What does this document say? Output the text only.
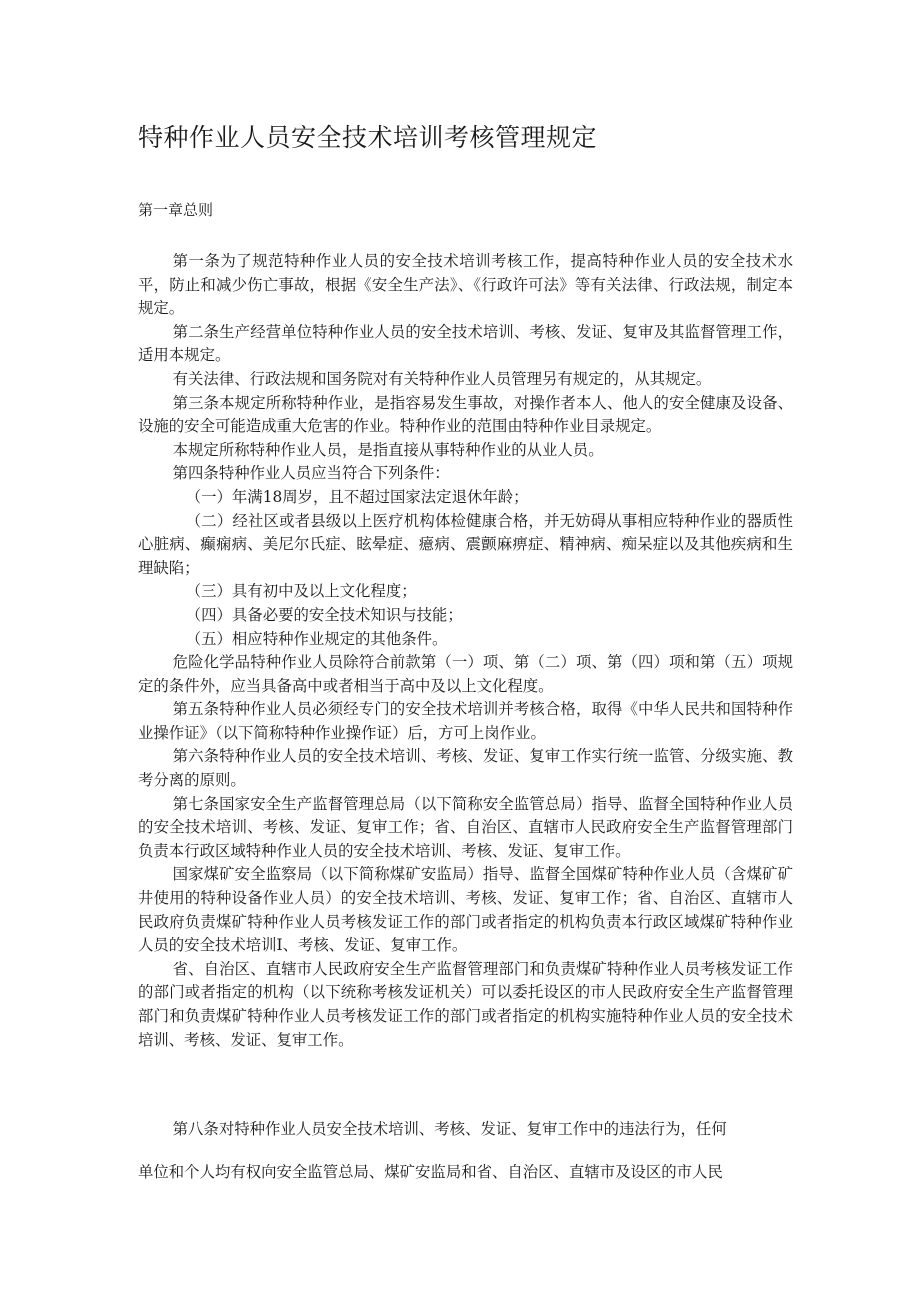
特种作业人员安全技术培训考核管理规定
第一章总则

第一条为了规范特种作业人员的安全技术培训考核工作，提高特种作业人员的安全技术水平，防止和减少伤亡事故，根据《安全生产法》、《行政许可法》等有关法律、行政法规，制定本规定。

第二条生产经营单位特种作业人员的安全技术培训、考核、发证、复审及其监督管理工作，适用本规定。

有关法律、行政法规和国务院对有关特种作业人员管理另有规定的，从其规定。

第三条本规定所称特种作业，是指容易发生事故，对操作者本人、他人的安全健康及设备、设施的安全可能造成重大危害的作业。特种作业的范围由特种作业目录规定。

本规定所称特种作业人员，是指直接从事特种作业的从业人员。

第四条特种作业人员应当符合下列条件：

（一）年满18周岁，且不超过国家法定退休年龄；

（二）经社区或者县级以上医疗机构体检健康合格，并无妨碍从事相应特种作业的器质性心脏病、癫痫病、美尼尔氏症、眩晕症、癔病、震颤麻痹症、精神病、痴呆症以及其他疾病和生理缺陷；

（三）具有初中及以上文化程度；

（四）具备必要的安全技术知识与技能；

（五）相应特种作业规定的其他条件。

危险化学品特种作业人员除符合前款第（一）项、第（二）项、第（四）项和第（五）项规定的条件外，应当具备高中或者相当于高中及以上文化程度。

第五条特种作业人员必须经专门的安全技术培训并考核合格，取得《中华人民共和国特种作业操作证》（以下简称特种作业操作证）后，方可上岗作业。

第六条特种作业人员的安全技术培训、考核、发证、复审工作实行统一监管、分级实施、教考分离的原则。

第七条国家安全生产监督管理总局（以下简称安全监管总局）指导、监督全国特种作业人员的安全技术培训、考核、发证、复审工作；省、自治区、直辖市人民政府安全生产监督管理部门负责本行政区域特种作业人员的安全技术培训、考核、发证、复审工作。

国家煤矿安全监察局（以下简称煤矿安监局）指导、监督全国煤矿特种作业人员（含煤矿矿井使用的特种设备作业人员）的安全技术培训、考核、发证、复审工作；省、自治区、直辖市人民政府负责煤矿特种作业人员考核发证工作的部门或者指定的机构负责本行政区域煤矿特种作业人员的安全技术培训I、考核、发证、复审工作。

省、自治区、直辖市人民政府安全生产监督管理部门和负责煤矿特种作业人员考核发证工作的部门或者指定的机构（以下统称考核发证机关）可以委托设区的市人民政府安全生产监督管理部门和负责煤矿特种作业人员考核发证工作的部门或者指定的机构实施特种作业人员的安全技术培训、考核、发证、复审工作。

第八条对特种作业人员安全技术培训、考核、发证、复审工作中的违法行为，任何
单位和个人均有权向安全监管总局、煤矿安监局和省、自治区、直辖市及设区的市人民
